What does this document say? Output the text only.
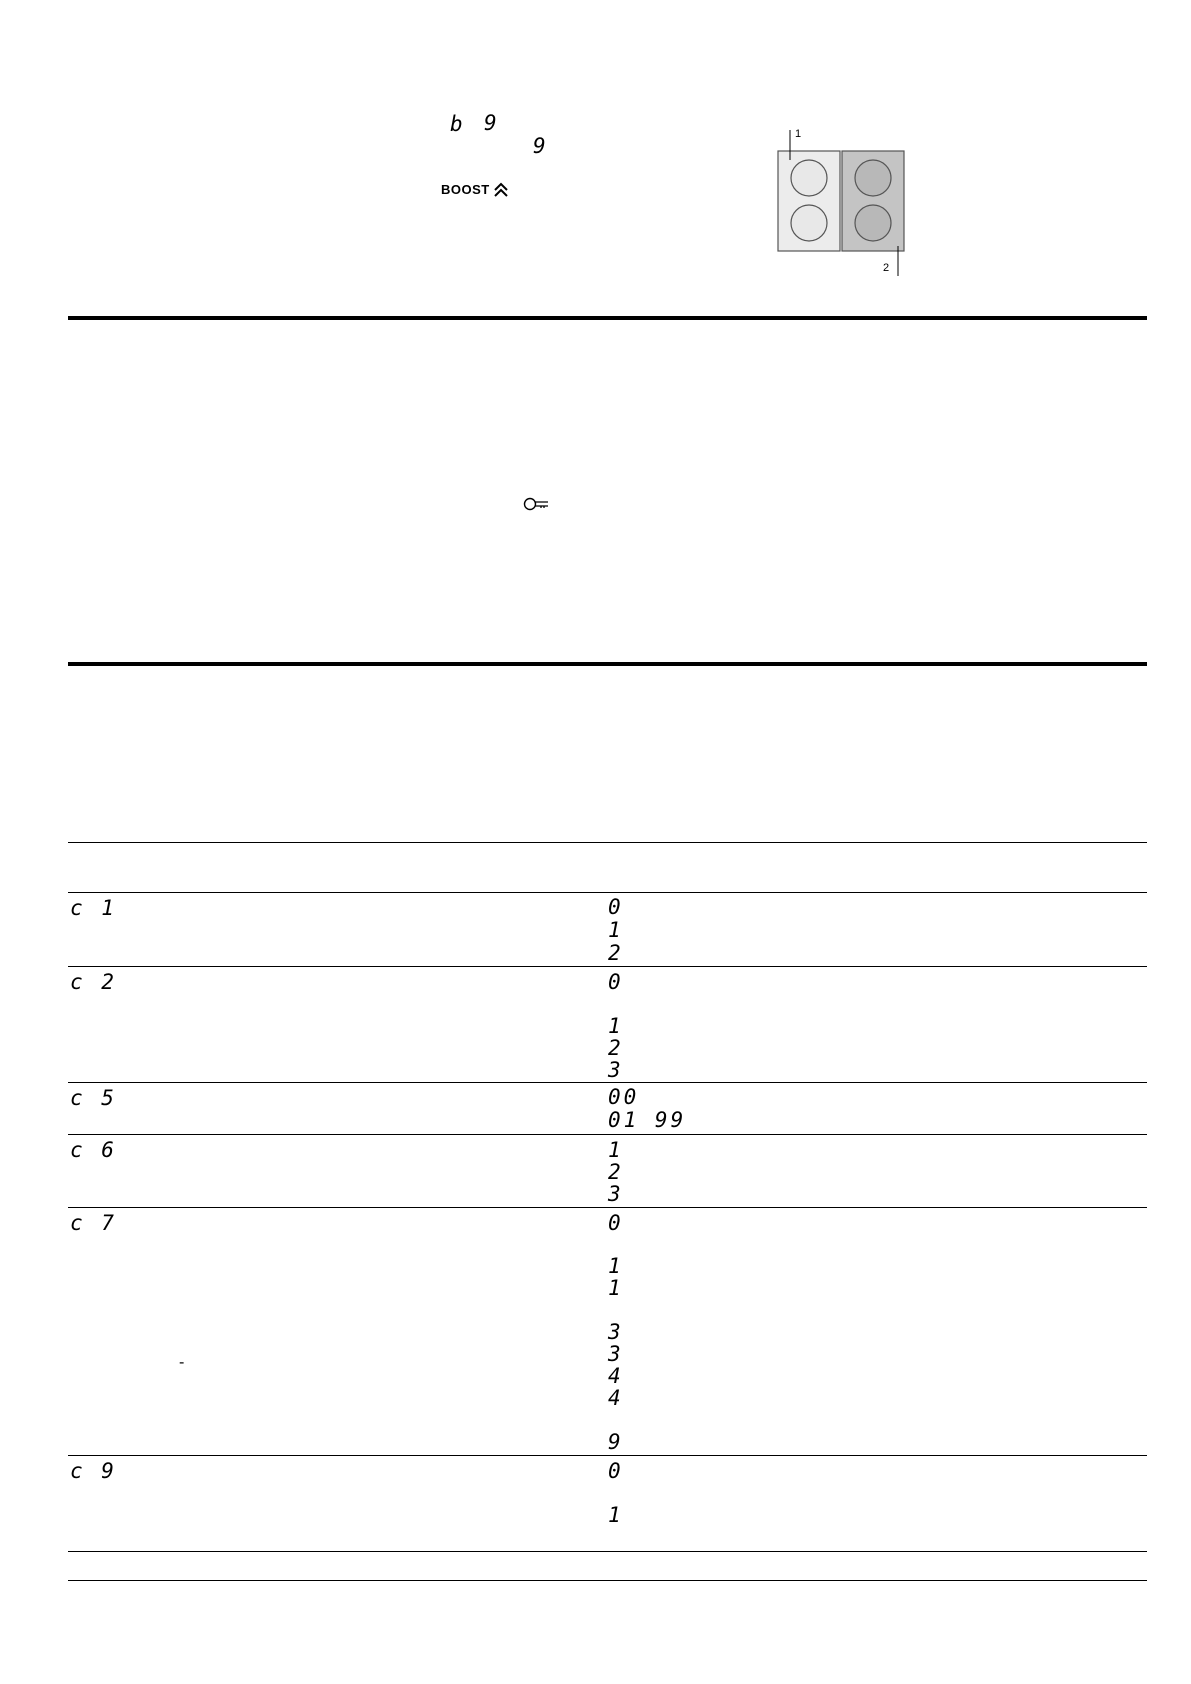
b 9
9
BOOST
1
2
c 1	0
1
2
c 2	0
1
2
3
c 5	00
01 99
c 6	1
2
3
c 7	0
1
1
3
3
4
4
9
-
c 9	0
1
